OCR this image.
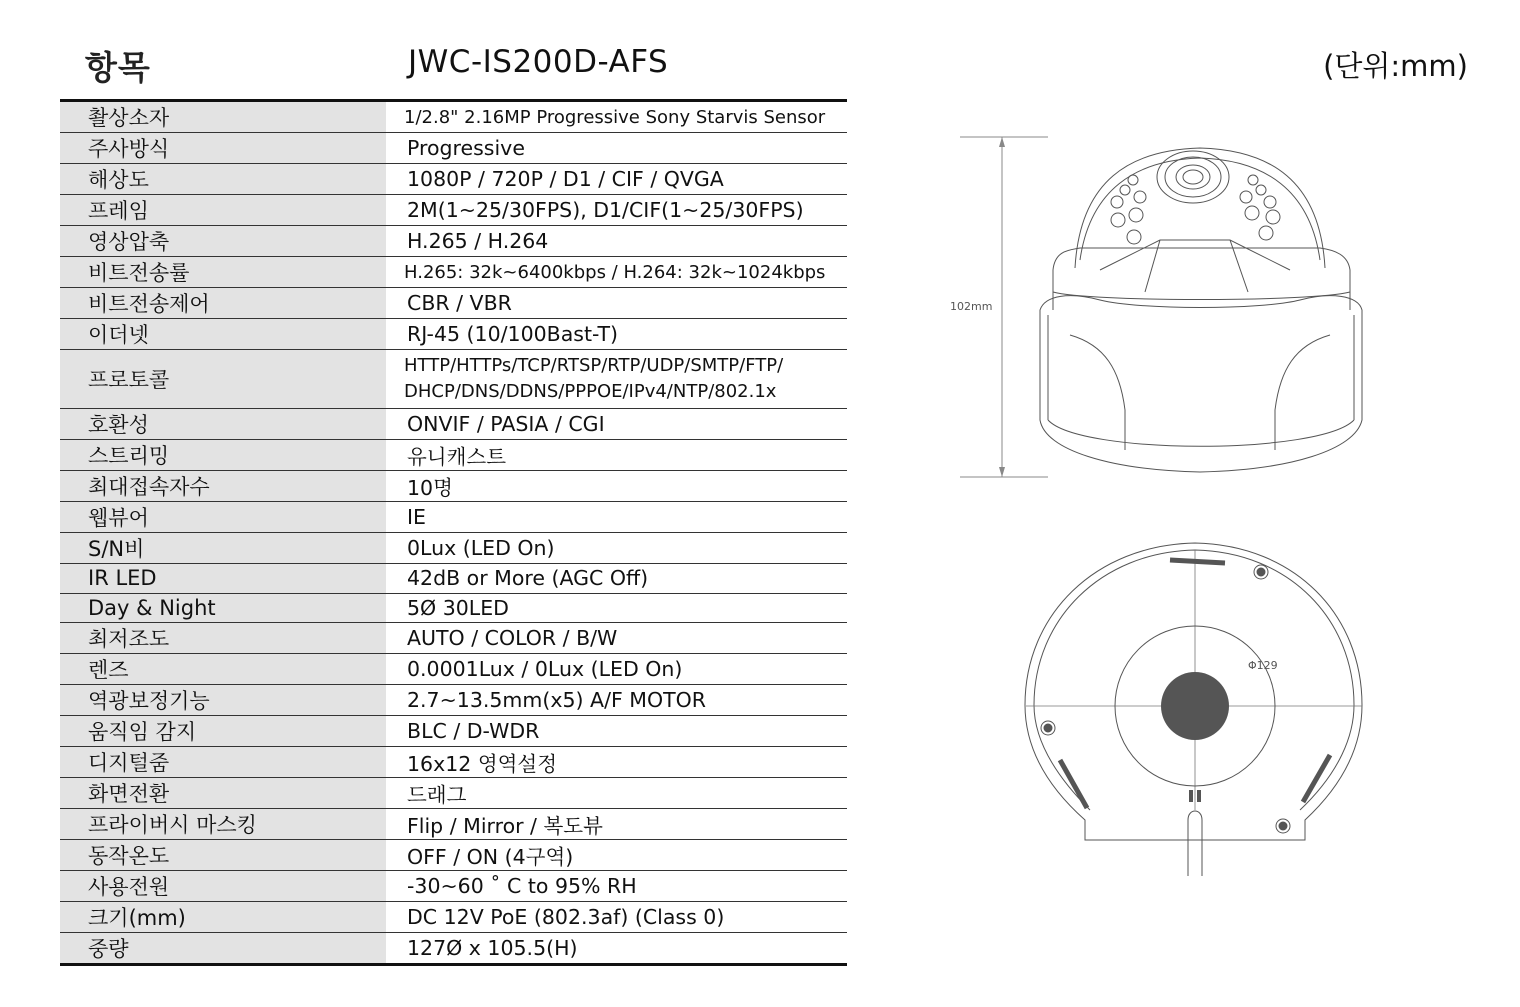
항목	JWC-IS200D-AFS	(단위:mm)
촬상소자	1/2.8" 2.16MP Progressive Sony Starvis Sensor
주사방식	Progressive
해상도	1080P / 720P / D1 / CIF / QVGA
프레임	2M(1~25/30FPS), D1/CIF(1~25/30FPS)
영상압축	H.265 / H.264
비트전송률	H.265: 32k~6400kbps / H.264: 32k~1024kbps
비트전송제어	CBR / VBR
이더넷	RJ-45 (10/100Bast-T)
프로토콜	HTTP/HTTPs/TCP/RTSP/RTP/UDP/SMTP/FTP/
DHCP/DNS/DDNS/PPPOE/IPv4/NTP/802.1x

호환성	ONVIF / PASIA / CGI
스트리밍	유니캐스트
최대접속자수	10명
웹뷰어	IE
S/N비	0Lux (LED On)
IR LED	42dB or More (AGC Off)
Day & Night	5Ø 30LED
최저조도	AUTO / COLOR / B/W
렌즈	0.0001Lux / 0Lux (LED On)
역광보정기능	2.7~13.5mm(x5) A/F MOTOR
움직임 감지	BLC / D-WDR
디지털줌	16x12 영역설정
화면전환	드래그
프라이버시 마스킹	Flip / Mirror / 복도뷰
동작온도	OFF / ON (4구역)
사용전원	-30~60 ˚ C to 95% RH
크기(mm)	DC 12V PoE (802.3af) (Class 0)
중량	127Ø x 105.5(H)
102mm
Φ129
